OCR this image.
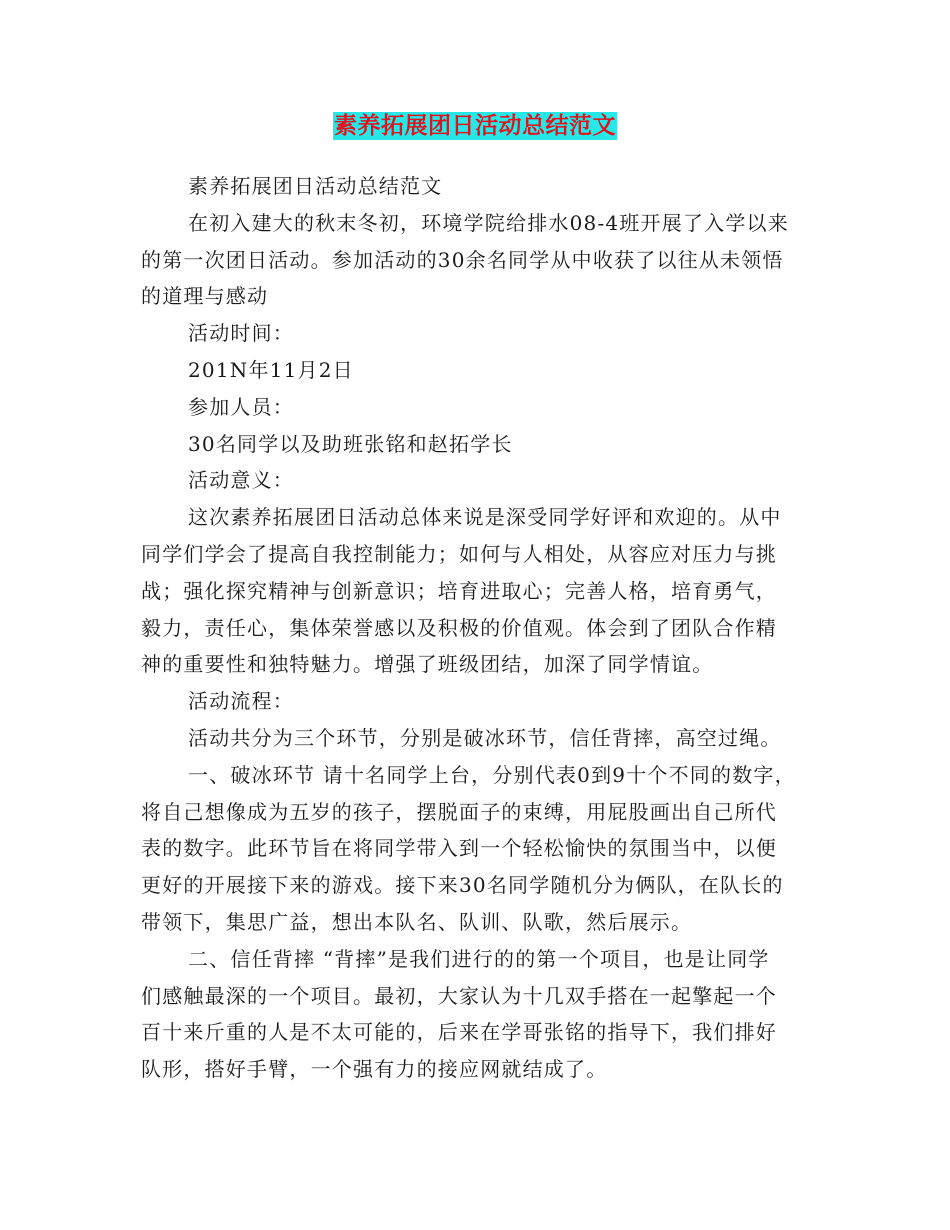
素养拓展团日活动总结范文
素养拓展团日活动总结范文
在初入建大的秋末冬初，环境学院给排水08-4班开展了入学以来
的第一次团日活动。参加活动的30余名同学从中收获了以往从未领悟
的道理与感动
活动时间：
201N年11月2日
参加人员：
30名同学以及助班张铭和赵拓学长
活动意义：
这次素养拓展团日活动总体来说是深受同学好评和欢迎的。从中
同学们学会了提高自我控制能力；如何与人相处，从容应对压力与挑
战；强化探究精神与创新意识；培育进取心；完善人格，培育勇气，
毅力，责任心，集体荣誉感以及积极的价值观。体会到了团队合作精
神的重要性和独特魅力。增强了班级团结，加深了同学情谊。
活动流程：
活动共分为三个环节，分别是破冰环节，信任背摔，高空过绳。
一、破冰环节 请十名同学上台，分别代表0到9十个不同的数字，
将自己想像成为五岁的孩子，摆脱面子的束缚，用屁股画出自己所代
表的数字。此环节旨在将同学带入到一个轻松愉快的氛围当中，以便
更好的开展接下来的游戏。接下来30名同学随机分为俩队，在队长的
带领下，集思广益，想出本队名、队训、队歌，然后展示。
二、信任背摔 “背摔”是我们进行的的第一个项目，也是让同学
们感触最深的一个项目。最初，大家认为十几双手搭在一起擎起一个
百十来斤重的人是不太可能的，后来在学哥张铭的指导下，我们排好
队形，搭好手臂，一个强有力的接应网就结成了。
